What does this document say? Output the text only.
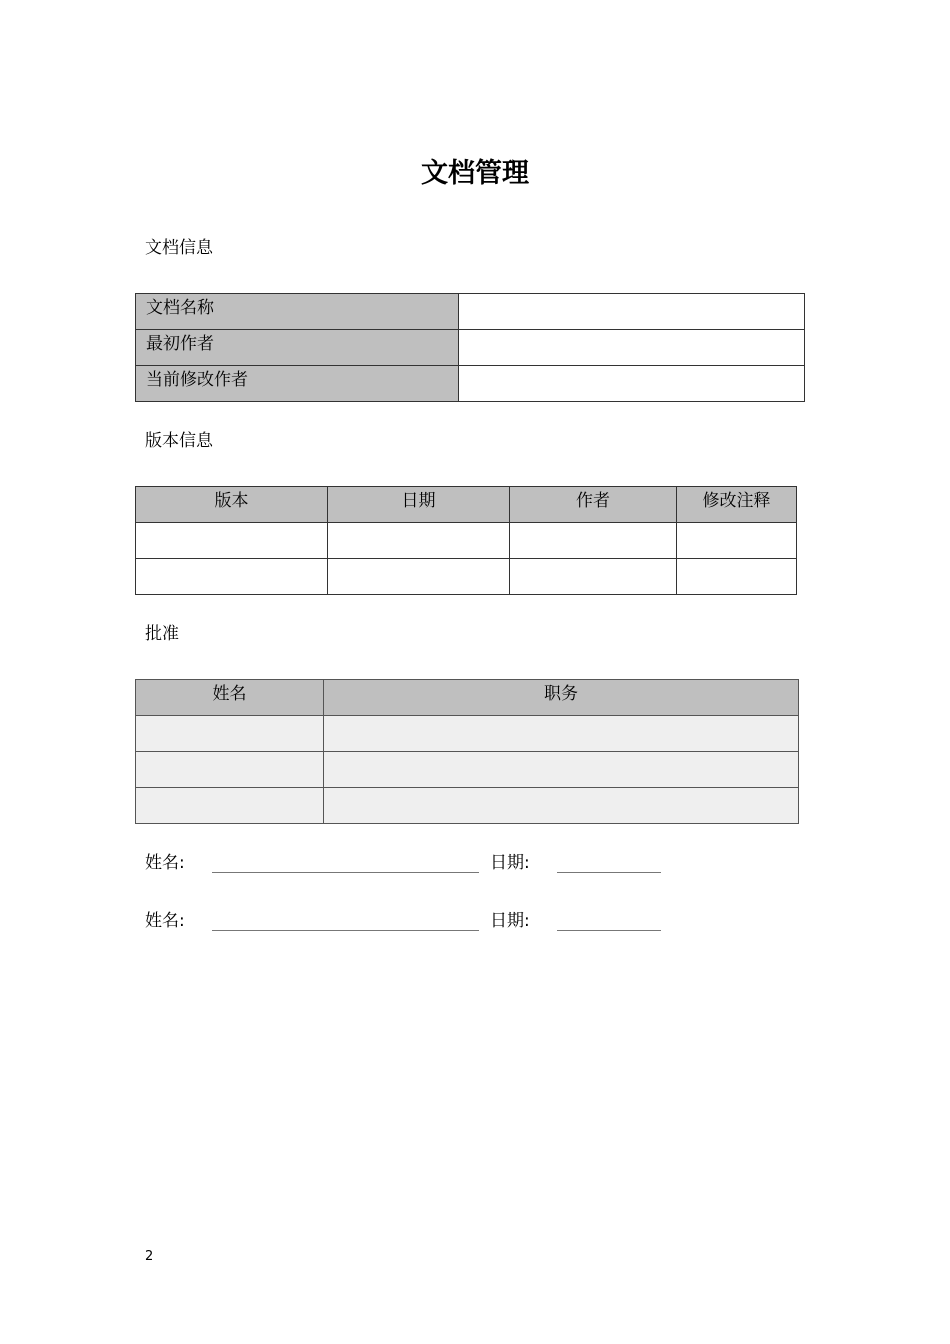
文档管理
文档信息
文档名称	
最初作者	
当前修改作者	
版本信息
版本	日期	作者	修改注释

批准
姓名	职务

姓名:	日期:
姓名:	日期:
2
